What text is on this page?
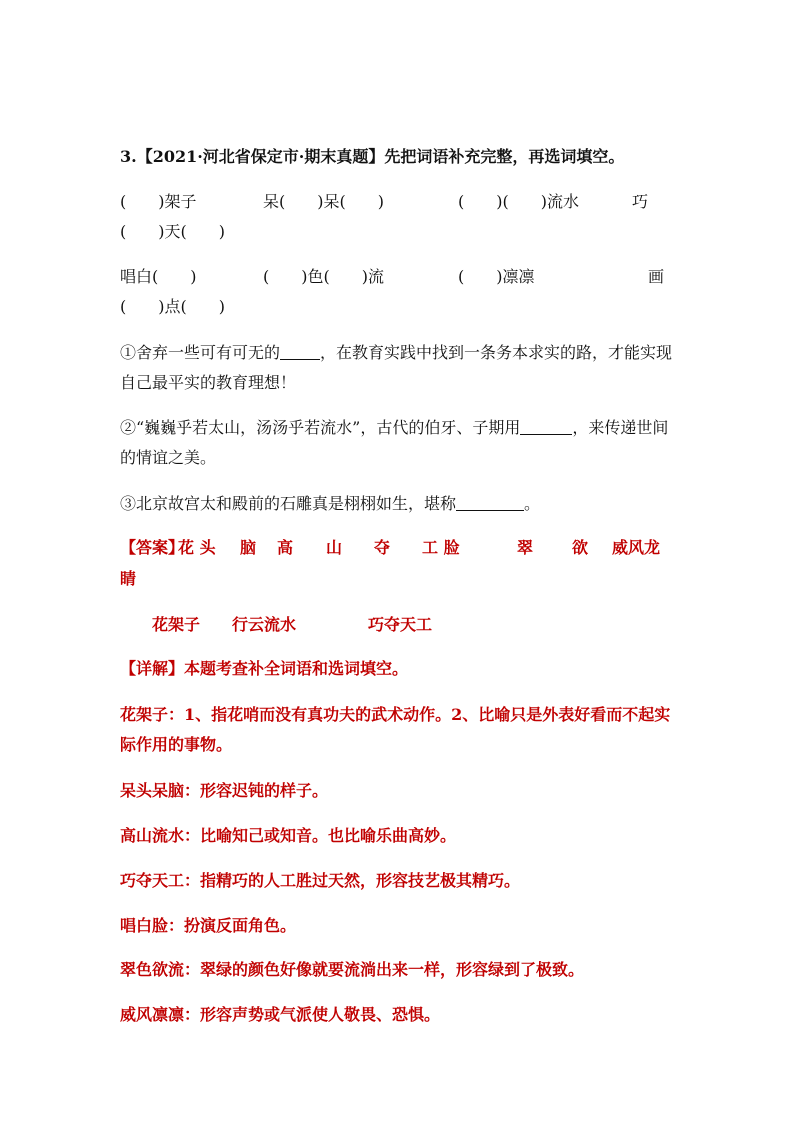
3.【2021·河北省保定市·期末真题】先把词语补充完整，再选词填空。
(　　)架子	呆(　　)呆(　　)	(　　)(　　)流水	巧
(　　)天(　　)
唱白(　　)	(　　)色(　　)流	(　　)凛凛	画
(　　)点(　　)
①舍弃一些可有可无的	，在教育实践中找到一条务本求实的路，才能实现自己最平实的教育理想！
②“巍巍乎若太山，汤汤乎若流水”，古代的伯牙、子期用	，来传递世间的情谊之美。
③北京故宫太和殿前的石雕真是栩栩如生，堪称	。
【答案】
花 头 脑 高 山 夺 工 脸	翠 欲 威风龙
睛
花架子 行云流水	巧夺天工
【详解】本题考查补全词语和选词填空。
花架子：1、指花哨而没有真功夫的武术动作。2、比喻只是外表好看而不起实际作用的事物。
呆头呆脑：形容迟钝的样子。
高山流水：比喻知己或知音。也比喻乐曲高妙。
巧夺天工：指精巧的人工胜过天然，形容技艺极其精巧。
唱白脸：扮演反面角色。
翠色欲流：翠绿的颜色好像就要流淌出来一样，形容绿到了极致。
威风凛凛：形容声势或气派使人敬畏、恐惧。
